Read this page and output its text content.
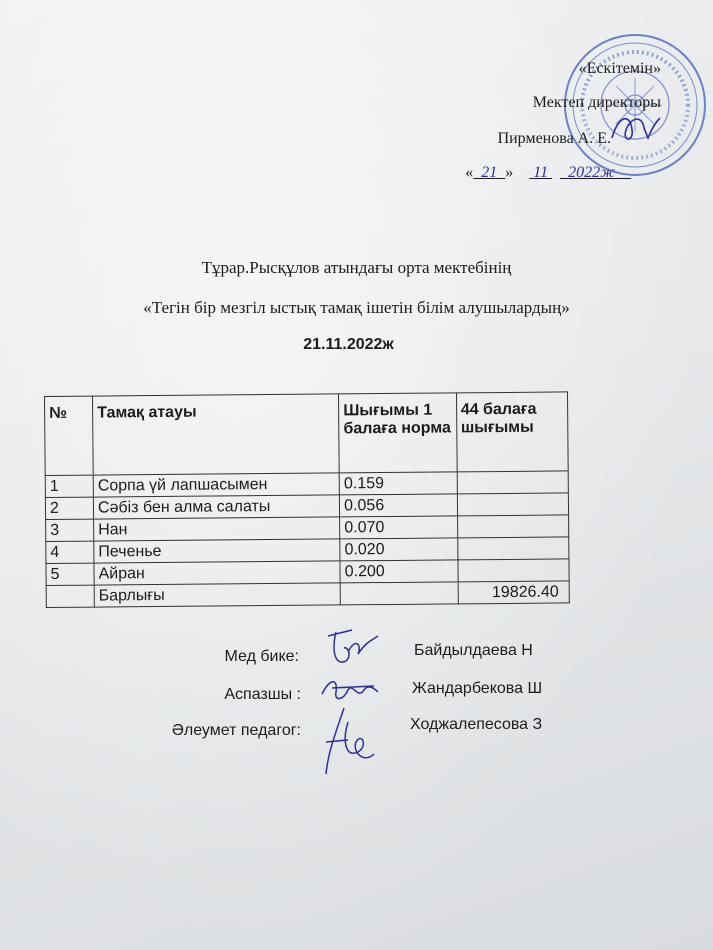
«Ескітемін»
Мектеп директоры
Пирменова А. Е.
« 21 » 11 2022ж
Тұрар.Рысқұлов атындағы орта мектебінің
«Тегін бір мезгіл ыстық тамақ ішетін білім алушылардың»
21.11.2022ж
№	Тамақ атауы	Шығымы 1 балаға норма	44 балаға шығымы
1	Сорпа үй лапшасымен	0.159	
2	Сәбіз бен алма салаты	0.056	
3	Нан	0.070	
4	Печенье	0.020	
5	Айран	0.200	
	Барлығы		19826.40
Мед бике:	Байдылдаева Н
Аспазшы :	Жандарбекова Ш
Әлеумет педагог:	Ходжалепесова З
